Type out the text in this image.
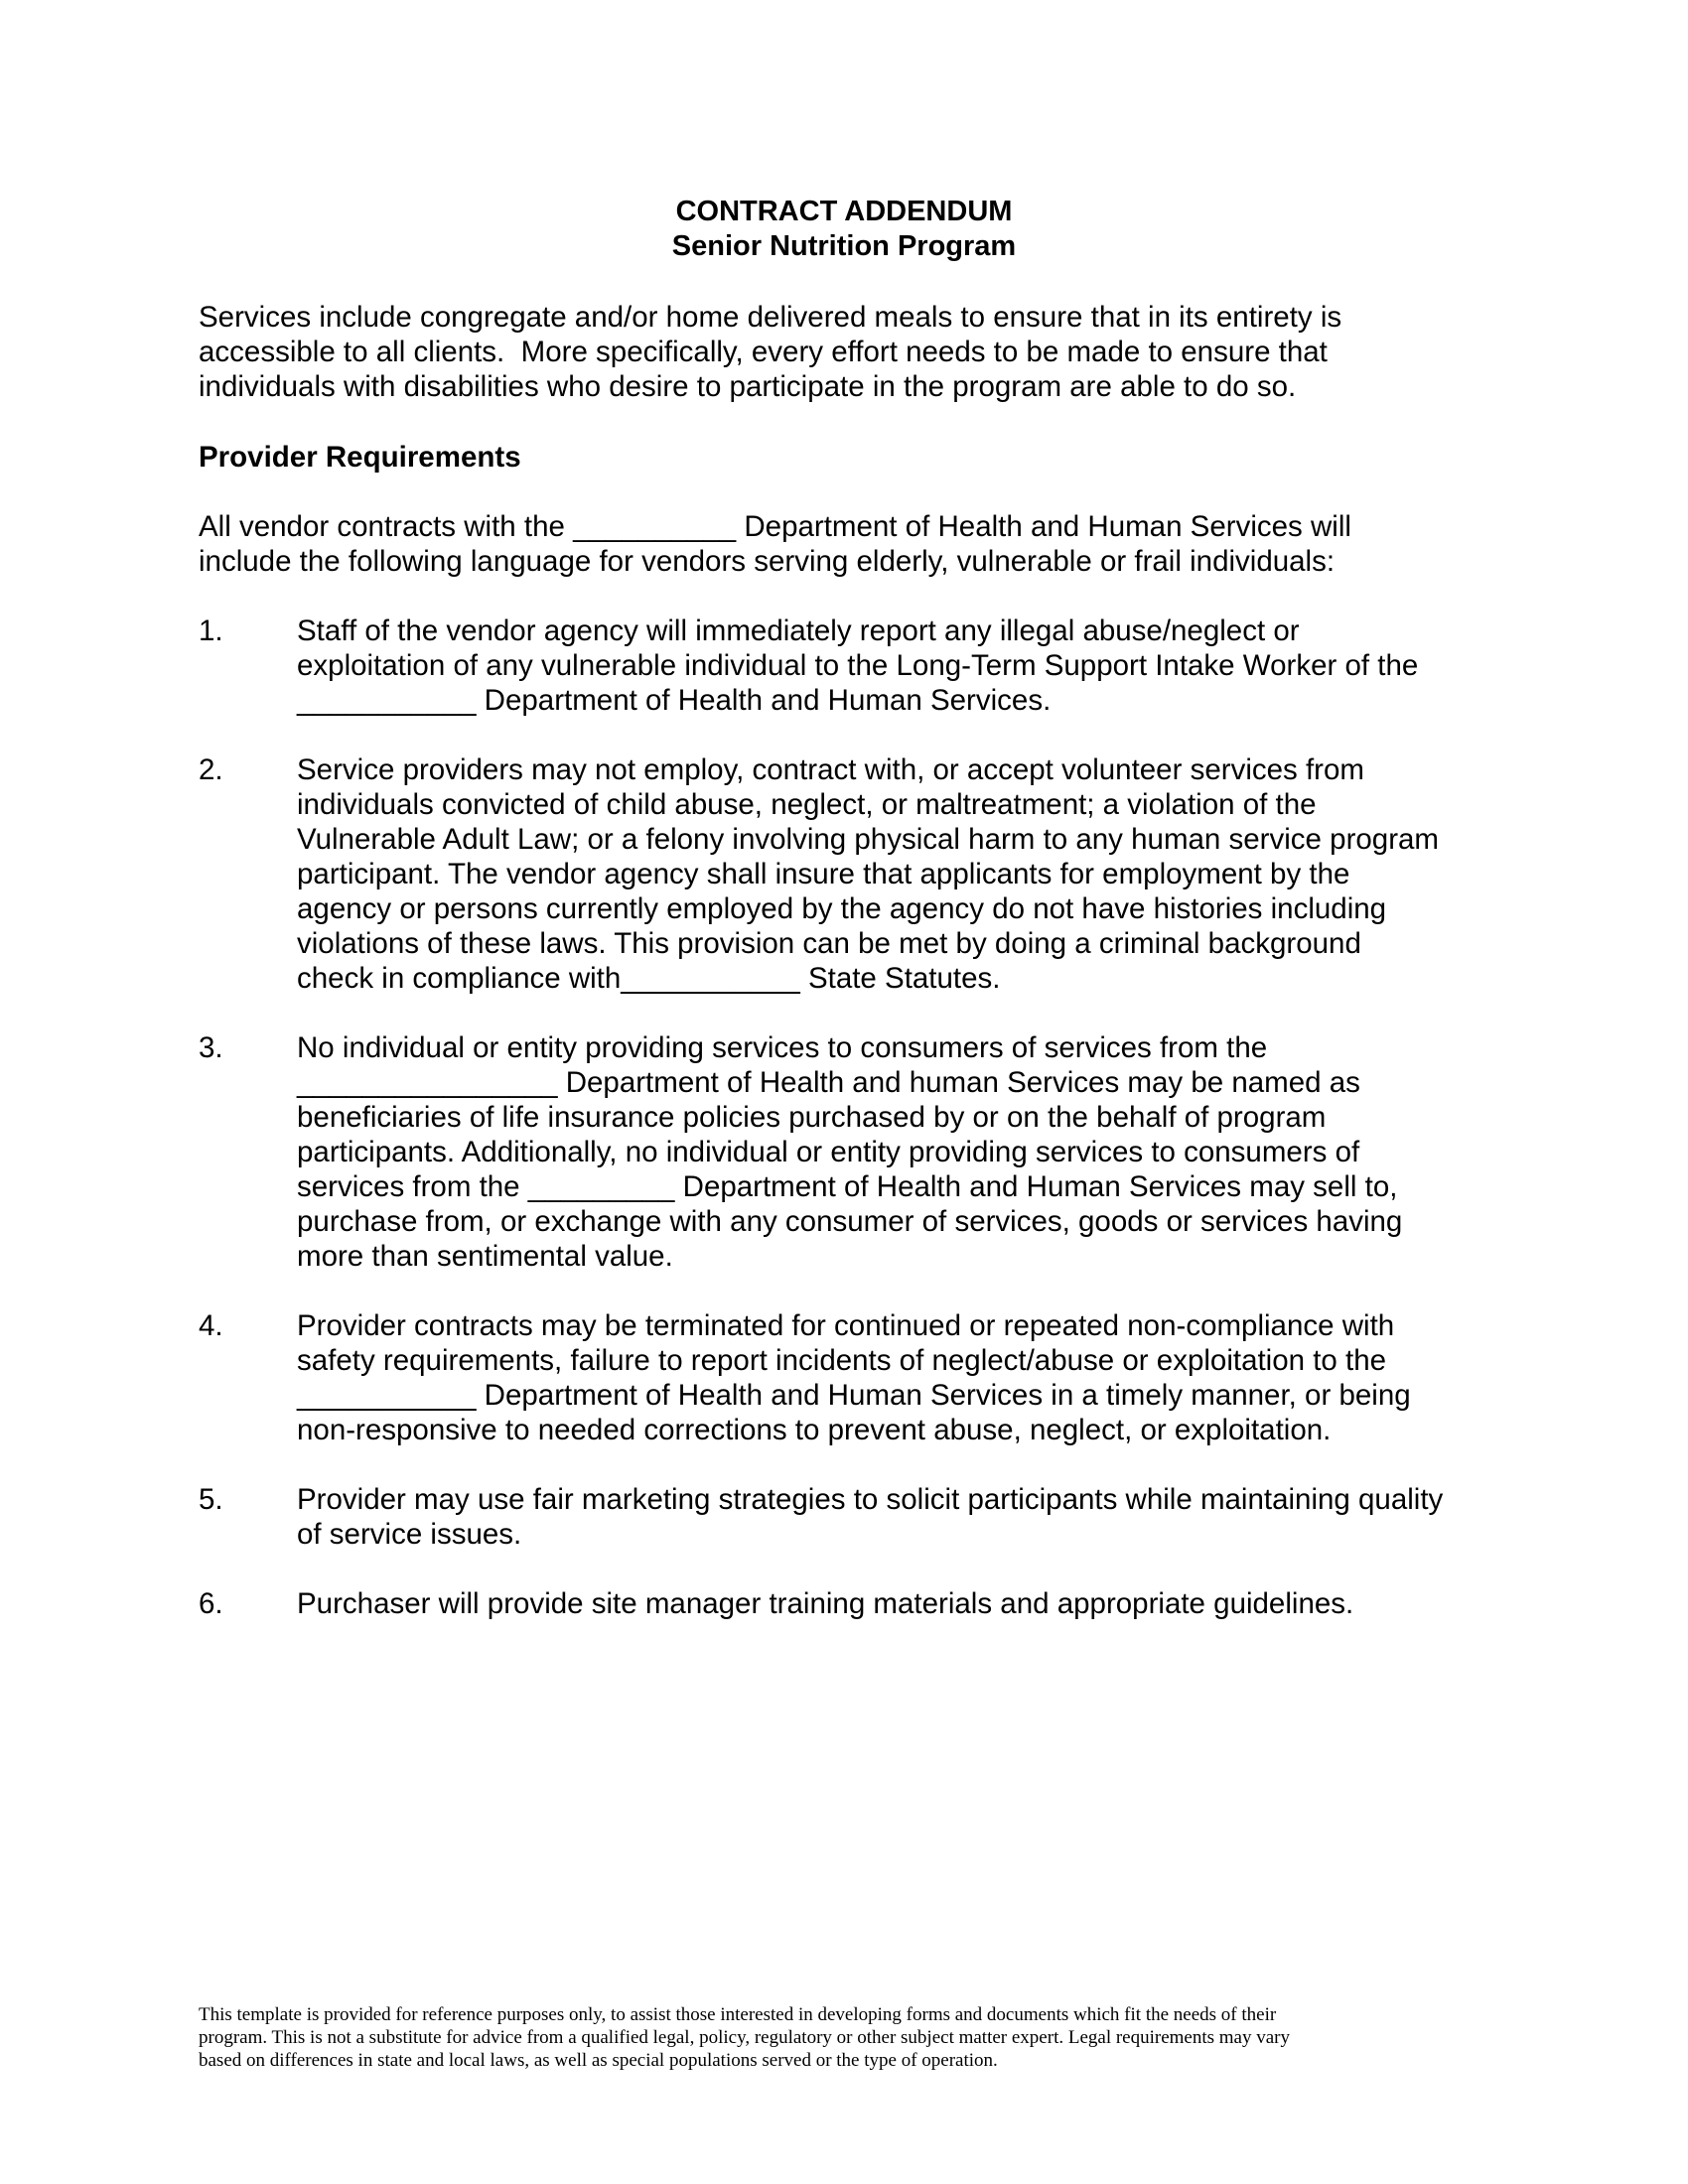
CONTRACT ADDENDUM
Senior Nutrition Program
Services include congregate and/or home delivered meals to ensure that in its entirety is
accessible to all clients.  More specifically, every effort needs to be made to ensure that
individuals with disabilities who desire to participate in the program are able to do so.
Provider Requirements
All vendor contracts with the __________ Department of Health and Human Services will
include the following language for vendors serving elderly, vulnerable or frail individuals:
1.	Staff of the vendor agency will immediately report any illegal abuse/neglect or
exploitation of any vulnerable individual to the Long-Term Support Intake Worker of the
___________ Department of Health and Human Services.
2.	Service providers may not employ, contract with, or accept volunteer services from
individuals convicted of child abuse, neglect, or maltreatment; a violation of the
Vulnerable Adult Law; or a felony involving physical harm to any human service program
participant. The vendor agency shall insure that applicants for employment by the
agency or persons currently employed by the agency do not have histories including
violations of these laws. This provision can be met by doing a criminal background
check in compliance with___________ State Statutes.
3.	No individual or entity providing services to consumers of services from the
________________ Department of Health and human Services may be named as
beneficiaries of life insurance policies purchased by or on the behalf of program
participants. Additionally, no individual or entity providing services to consumers of
services from the _________ Department of Health and Human Services may sell to,
purchase from, or exchange with any consumer of services, goods or services having
more than sentimental value.
4.	Provider contracts may be terminated for continued or repeated non-compliance with
safety requirements, failure to report incidents of neglect/abuse or exploitation to the
___________ Department of Health and Human Services in a timely manner, or being
non-responsive to needed corrections to prevent abuse, neglect, or exploitation.
5.	Provider may use fair marketing strategies to solicit participants while maintaining quality
of service issues.
6.	Purchaser will provide site manager training materials and appropriate guidelines.
This template is provided for reference purposes only, to assist those interested in developing forms and documents which fit the needs of their
program. This is not a substitute for advice from a qualified legal, policy, regulatory or other subject matter expert. Legal requirements may vary
based on differences in state and local laws, as well as special populations served or the type of operation.
